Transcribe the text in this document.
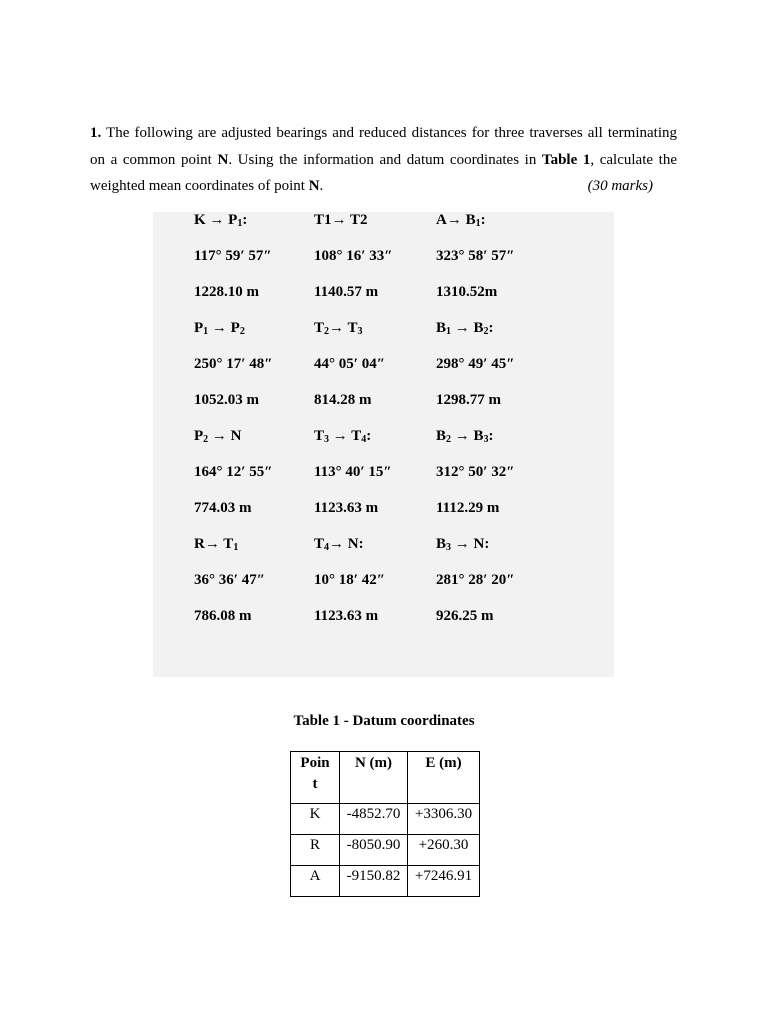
1. The following are adjusted bearings and reduced distances for three traverses all terminating on a common point N. Using the information and datum coordinates in Table 1, calculate the weighted mean coordinates of point N.	(30 marks)
$K \to P_1$:	T1→ T2	$A\to B_1$:
117° 59′ 57″	108° 16′ 33″	323° 58′ 57″
1228.10 m	1140.57 m	1310.52m
$P_1 \to P_2$	$T_2\to T_3$	$B_1 \to B_2$:
250° 17′ 48″	44° 05′ 04″	298° 49′ 45″
1052.03 m	814.28 m	1298.77 m
$P_2 \to N$	$T_3 \to T_4$:	$B_2 \to B_3$:
164° 12′ 55″	113° 40′ 15″	312° 50′ 32″
774.03 m	1123.63 m	1112.29 m
$R\to T_1$	$T_4\to N$:	$B_3 \to N$:
36° 36′ 47″	10° 18′ 42″	281° 28′ 20″
786.08 m	1123.63 m	926.25 m
Table 1 - Datum coordinates
Poin
t	N (m)	E (m)
K	-4852.70	+3306.30
R	-8050.90	+260.30
A	-9150.82	+7246.91
